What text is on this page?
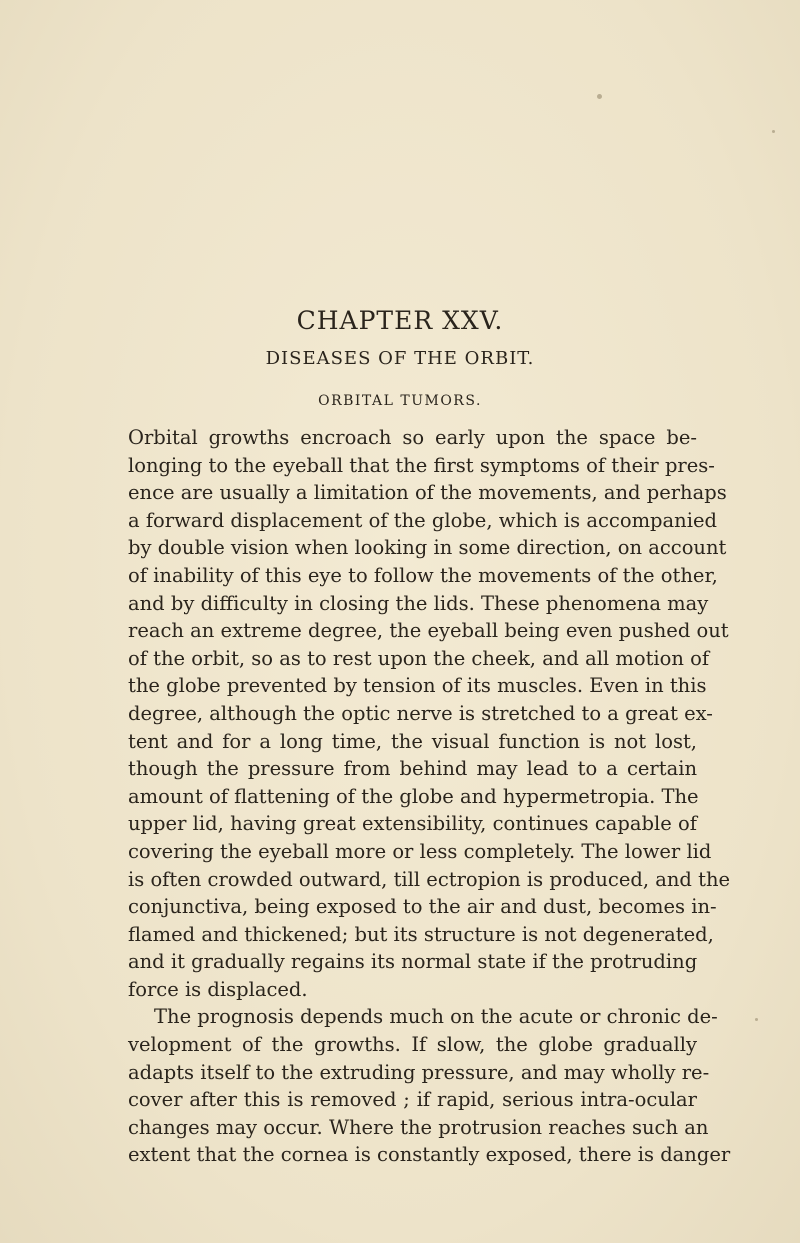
CHAPTER XXV.
DISEASES OF THE ORBIT.
ORBITAL TUMORS.

Orbital growths encroach so early upon the space be-
longing to the eyeball that the first symptoms of their pres-
ence are usually a limitation of the movements, and perhaps
a forward displacement of the globe, which is accompanied
by double vision when looking in some direction, on account
of inability of this eye to follow the movements of the other,
and by difficulty in closing the lids. These phenomena may
reach an extreme degree, the eyeball being even pushed out
of the orbit, so as to rest upon the cheek, and all motion of
the globe prevented by tension of its muscles. Even in this
degree, although the optic nerve is stretched to a great ex-
tent and for a long time, the visual function is not lost,
though the pressure from behind may lead to a certain
amount of flattening of the globe and hypermetropia. The
upper lid, having great extensibility, continues capable of
covering the eyeball more or less completely. The lower lid
is often crowded outward, till ectropion is produced, and the
conjunctiva, being exposed to the air and dust, becomes in-
flamed and thickened; but its structure is not degenerated,
and it gradually regains its normal state if the protruding
force is displaced.

The prognosis depends much on the acute or chronic de-
velopment of the growths. If slow, the globe gradually
adapts itself to the extruding pressure, and may wholly re-
cover after this is removed ; if rapid, serious intra-ocular
changes may occur. Where the protrusion reaches such an
extent that the cornea is constantly exposed, there is danger
